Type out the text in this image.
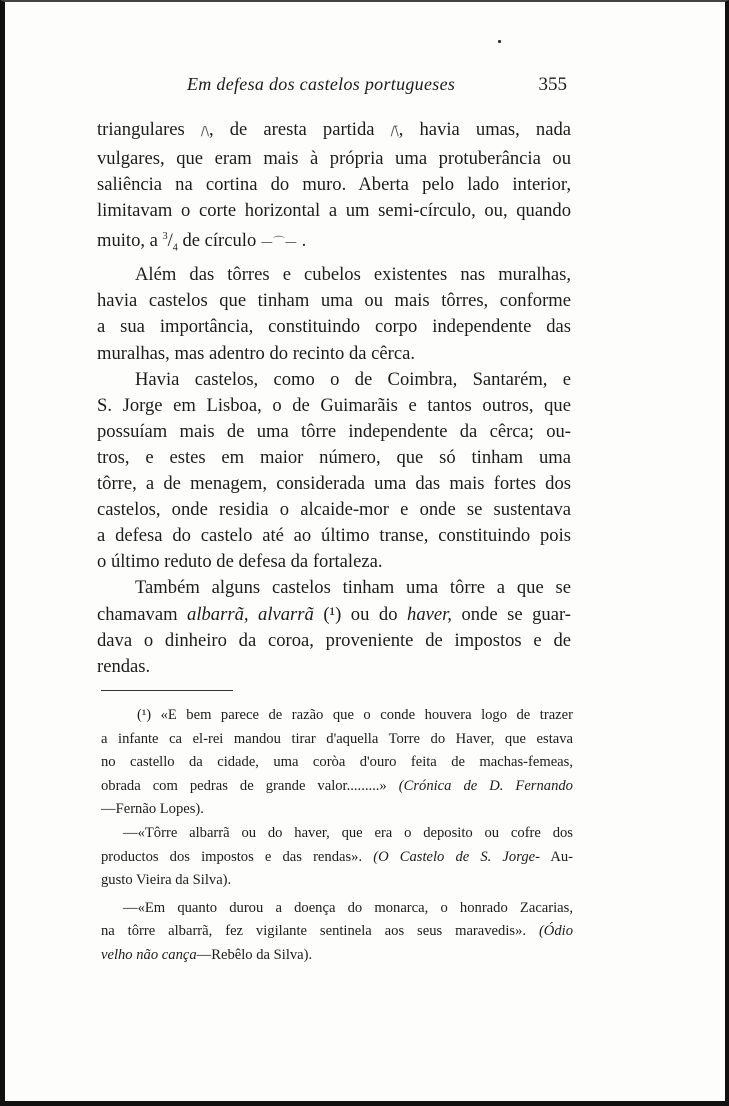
Em defesa dos castelos portugueses	355

triangulares /\, de aresta partida /\̄, havia umas, nada
vulgares, que eram mais à própria uma protuberância ou
saliência na cortina do muro. Aberta pelo lado interior,
limitavam o corte horizontal a um semi-círculo, ou, quando
muito, a $^3/_4$ de círculo —⌒— .

Além das tôrres e cubelos existentes nas muralhas,
havia castelos que tinham uma ou mais tôrres, conforme
a sua importância, constituindo corpo independente das
muralhas, mas adentro do recinto da cêrca.

Havia castelos, como o de Coimbra, Santarém, e
S. Jorge em Lisboa, o de Guimarãis e tantos outros, que
possuíam mais de uma tôrre independente da cêrca; ou-
tros, e estes em maior número, que só tinham uma
tôrre, a de menagem, considerada uma das mais fortes dos
castelos, onde residia o alcaide-mor e onde se sustentava
a defesa do castelo até ao último transe, constituindo pois
o último reduto de defesa da fortaleza.

Também alguns castelos tinham uma tôrre a que se
chamavam albarrã, alvarrã (¹) ou do haver, onde se guar-
dava o dinheiro da coroa, proveniente de impostos e de
rendas.

(¹) «E bem parece de razão que o conde houvera logo de trazer
a infante ca el-rei mandou tirar d'aquella Torre do Haver, que estava
no castello da cidade, uma coròa d'ouro feita de machas-femeas,
obrada com pedras de grande valor.........» (Crónica de D. Fernando
—Fernão Lopes).
—«Tôrre albarrã ou do haver, que era o deposito ou cofre dos
productos dos impostos e das rendas». (O Castelo de S. Jorge- Au-
gusto Vieira da Silva).
—«Em quanto durou a doença do monarca, o honrado Zacarias,
na tôrre albarrã, fez vigilante sentinela aos seus maravedis». (Ódio
velho não cança—Rebêlo da Silva).
